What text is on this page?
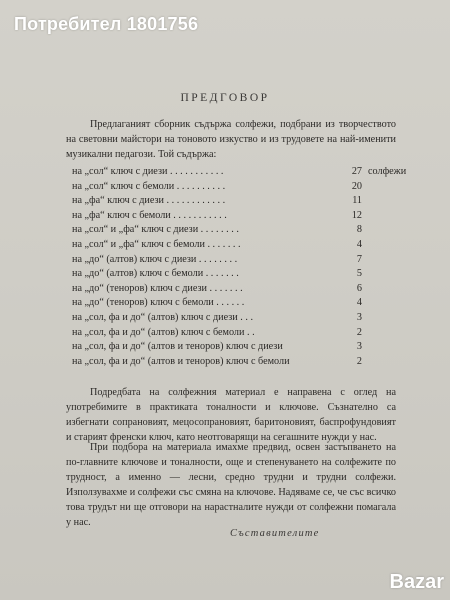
Потребител 1801756
ПРЕДГОВОР
Предлаганият сборник съдържа солфежи, подбрани из творчеството на световни майстори на тоновото изкуство и из трудовете на най-именити музикални педагози. Той съдържа:
на „сол“ ключ с диези . . . . . . . . . . .	27 солфежи
на „сол“ ключ с бемоли . . . . . . . . . .	20
на „фа“ ключ с диези . . . . . . . . . . . .	11
на „фа“ ключ с бемоли . . . . . . . . . . .	12
на „сол“ и „фа“ ключ с диези . . . . . . . .	8
на „сол“ и „фа“ ключ с бемоли . . . . . . .	4
на „до“ (алтов) ключ с диези . . . . . . . .	7
на „до“ (алтов) ключ с бемоли . . . . . . .	5
на „до“ (теноров) ключ с диези . . . . . . .	6
на „до“ (теноров) ключ с бемоли . . . . . .	4
на „сол, фа и до“ (алтов) ключ с диези . . .	3
на „сол, фа и до“ (алтов) ключ с бемоли . .	2
на „сол, фа и до“ (алтов и теноров) ключ с диези	3
на „сол, фа и до“ (алтов и теноров) ключ с бемоли	2
Подредбата на солфежния материал е направена с оглед на употребимите в практиката тоналности и ключове. Съзнателно са избегнати сопрановият, мецосопрановият, баритоновият, баспрофундовият и старият френски ключ, като неотговарящи на сегашните нужди у нас.
При подбора на материала имахме предвид, освен застъпването на по-главните ключове и тоналности, още и степенуването на солфежите по трудност, а именно — лесни, средно трудни и трудни солфежи. Използувахме и солфежи със смяна на ключове. Надяваме се, че със всичко това трудът ни ще отговори на нарастналите нужди от солфежни помагала у нас.
Съставителите
Bazar
